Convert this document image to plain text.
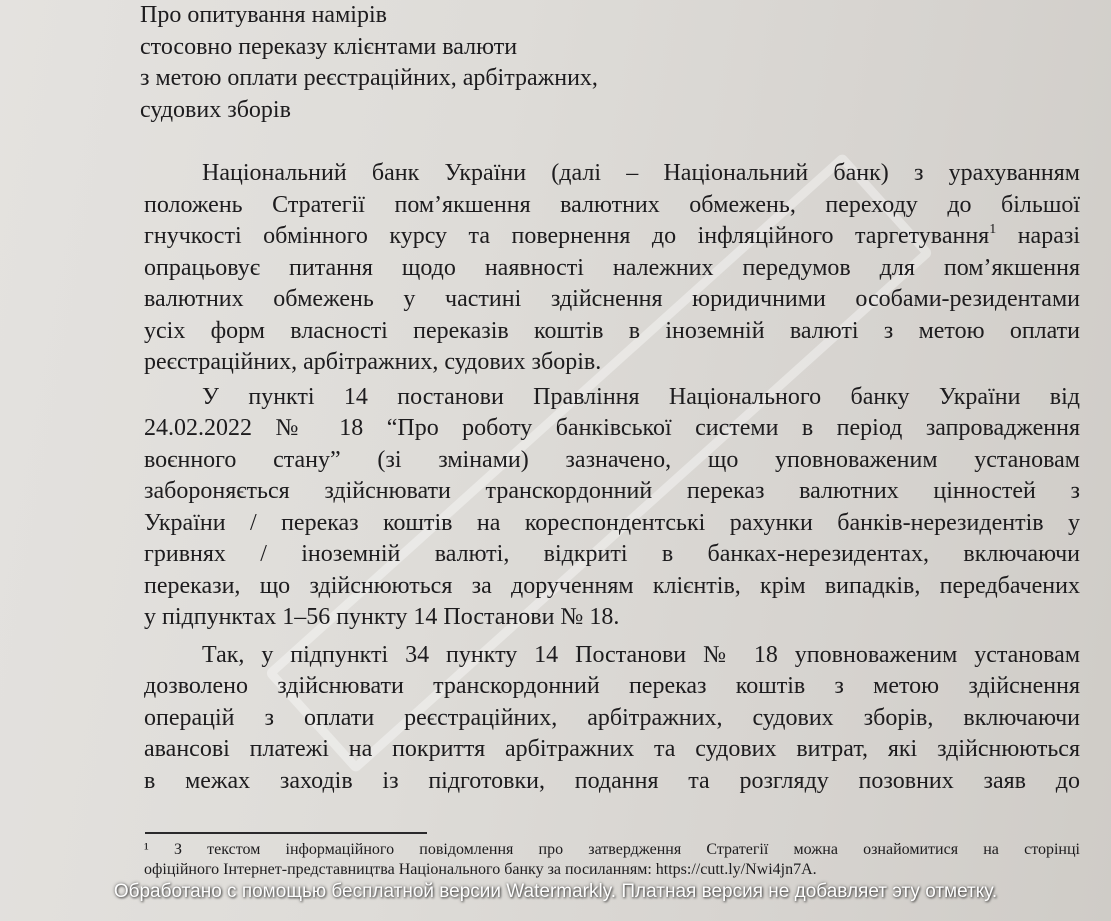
Про опитування намірів
стосовно переказу клієнтами валюти
з метою оплати реєстраційних, арбітражних,
судових зборів
Національний банк України (далі – Національний банк) з урахуванням
положень Стратегії пом’якшення валютних обмежень, переходу до більшої
гнучкості обмінного курсу та повернення до інфляційного таргетування$^1$ наразі
опрацьовує питання щодо наявності належних передумов для пом’якшення
валютних обмежень у частині здійснення юридичними особами-резидентами
усіх форм власності переказів коштів в іноземній валюті з метою оплати
реєстраційних, арбітражних, судових зборів.
У пункті 14 постанови Правління Національного банку України від
24.02.2022 № 18 “Про роботу банківської системи в період запровадження
воєнного стану” (зі змінами) зазначено, що уповноваженим установам
забороняється здійснювати транскордонний переказ валютних цінностей з
України / переказ коштів на кореспондентські рахунки банків-нерезидентів у
гривнях / іноземній валюті, відкриті в банках-нерезидентах, включаючи
перекази, що здійснюються за дорученням клієнтів, крім випадків, передбачених
у підпунктах 1–56 пункту 14 Постанови № 18.
Так, у підпункті 34 пункту 14 Постанови № 18 уповноваженим установам
дозволено здійснювати транскордонний переказ коштів з метою здійснення
операцій з оплати реєстраційних, арбітражних, судових зборів, включаючи
авансові платежі на покриття арбітражних та судових витрат, які здійснюються
в межах заходів із підготовки, подання та розгляду позовних заяв до
¹ З текстом інформаційного повідомлення про затвердження Стратегії можна ознайомитися на сторінці
офіційного Інтернет-представництва Національного банку за посиланням: https://cutt.ly/Nwi4jn7A.
Обработано с помощью бесплатной версии Watermarkly. Платная версия не добавляет эту отметку.
